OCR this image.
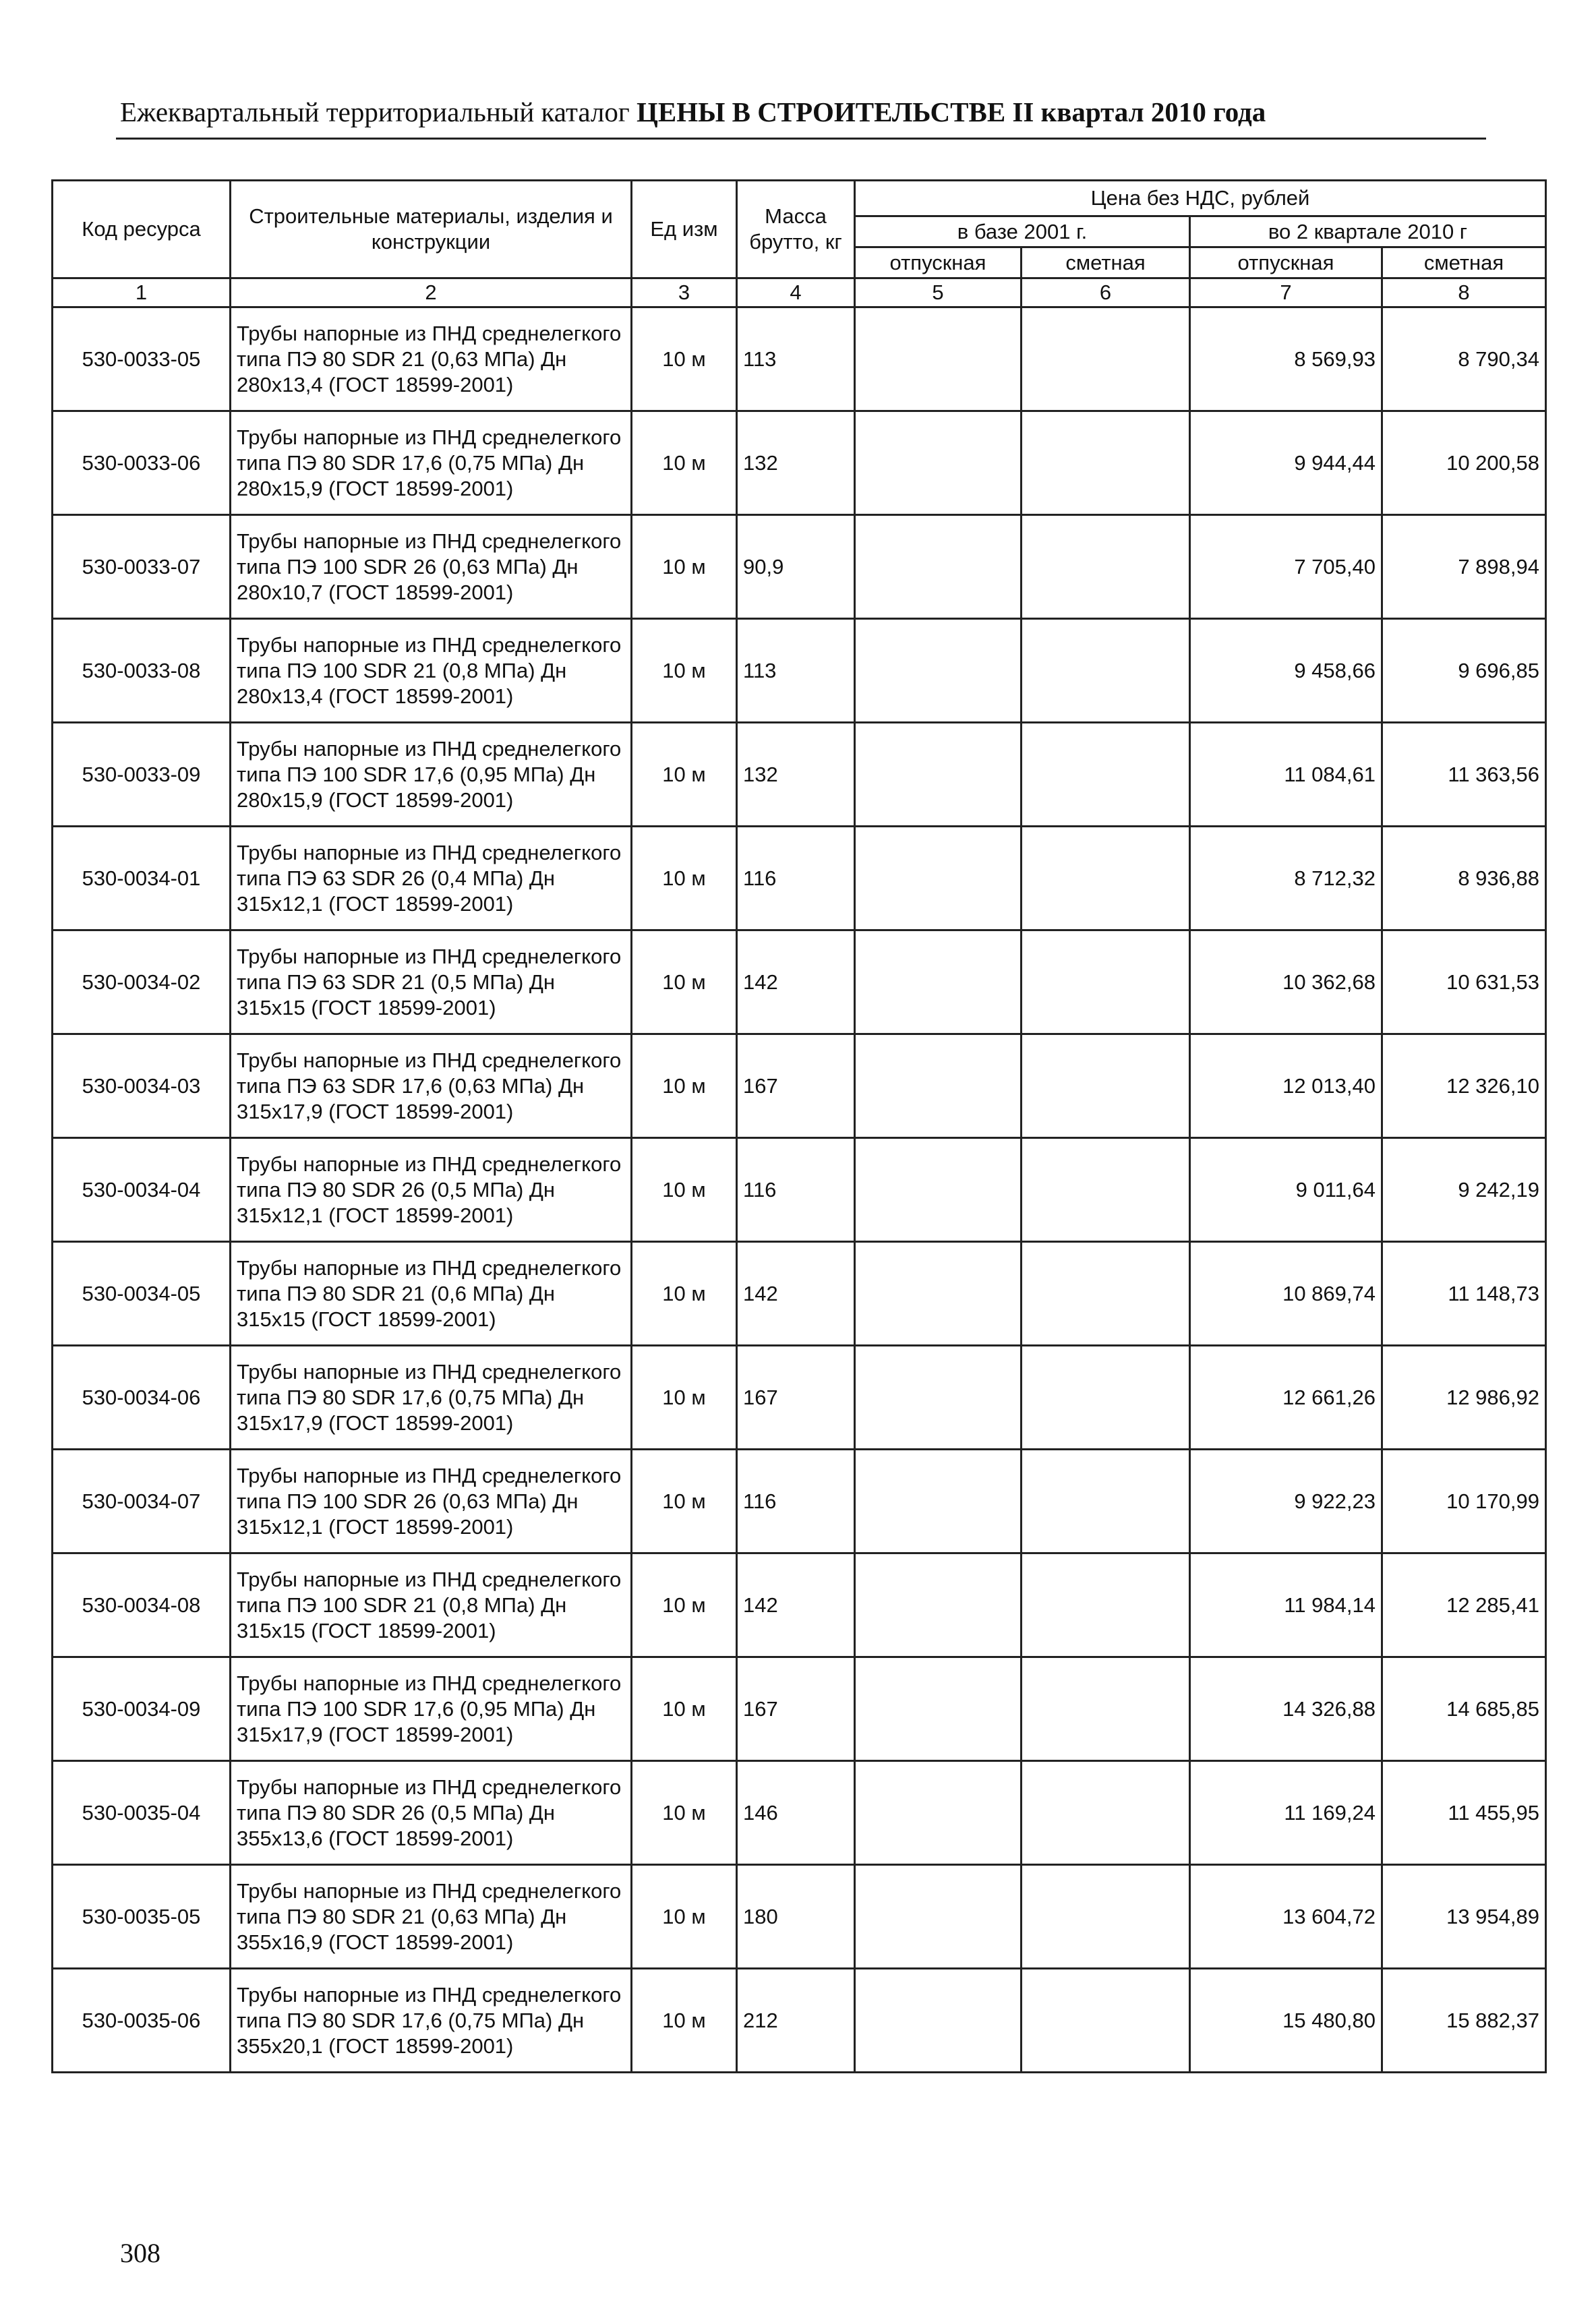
Ежеквартальный территориальный каталог ЦЕНЫ В СТРОИТЕЛЬСТВЕ II квартал 2010 года
Код ресурса	Строительные материалы, изделия и конструкции	Ед изм	Масса брутто, кг	Цена без НДС, рублей			
				в базе 2001 г.		во 2 квартале 2010 г	
				отпускная	сметная	отпускная	сметная
1	2	3	4	5	6	7	8
530-0033-05	Трубы напорные из ПНД среднелегкого типа ПЭ 80 SDR 21 (0,63 МПа) Дн 280х13,4 (ГОСТ 18599-2001)	10 м	113			8 569,93	8 790,34
530-0033-06	Трубы напорные из ПНД среднелегкого типа ПЭ 80 SDR 17,6 (0,75 МПа) Дн 280х15,9 (ГОСТ 18599-2001)	10 м	132			9 944,44	10 200,58
530-0033-07	Трубы напорные из ПНД среднелегкого типа ПЭ 100 SDR 26 (0,63 МПа) Дн 280х10,7 (ГОСТ 18599-2001)	10 м	90,9			7 705,40	7 898,94
530-0033-08	Трубы напорные из ПНД среднелегкого типа ПЭ 100 SDR 21 (0,8 МПа) Дн 280х13,4 (ГОСТ 18599-2001)	10 м	113			9 458,66	9 696,85
530-0033-09	Трубы напорные из ПНД среднелегкого типа ПЭ 100 SDR 17,6 (0,95 МПа) Дн 280х15,9 (ГОСТ 18599-2001)	10 м	132			11 084,61	11 363,56
530-0034-01	Трубы напорные из ПНД среднелегкого типа ПЭ 63 SDR 26 (0,4 МПа) Дн 315х12,1 (ГОСТ 18599-2001)	10 м	116			8 712,32	8 936,88
530-0034-02	Трубы напорные из ПНД среднелегкого типа ПЭ 63 SDR 21 (0,5 МПа) Дн 315х15 (ГОСТ 18599-2001)	10 м	142			10 362,68	10 631,53
530-0034-03	Трубы напорные из ПНД среднелегкого типа ПЭ 63 SDR 17,6 (0,63 МПа) Дн 315х17,9 (ГОСТ 18599-2001)	10 м	167			12 013,40	12 326,10
530-0034-04	Трубы напорные из ПНД среднелегкого типа ПЭ 80 SDR 26 (0,5 МПа) Дн 315х12,1 (ГОСТ 18599-2001)	10 м	116			9 011,64	9 242,19
530-0034-05	Трубы напорные из ПНД среднелегкого типа ПЭ 80 SDR 21 (0,6 МПа) Дн 315х15 (ГОСТ 18599-2001)	10 м	142			10 869,74	11 148,73
530-0034-06	Трубы напорные из ПНД среднелегкого типа ПЭ 80 SDR 17,6 (0,75 МПа) Дн 315х17,9 (ГОСТ 18599-2001)	10 м	167			12 661,26	12 986,92
530-0034-07	Трубы напорные из ПНД среднелегкого типа ПЭ 100 SDR 26 (0,63 МПа) Дн 315х12,1 (ГОСТ 18599-2001)	10 м	116			9 922,23	10 170,99
530-0034-08	Трубы напорные из ПНД среднелегкого типа ПЭ 100 SDR 21 (0,8 МПа) Дн 315х15 (ГОСТ 18599-2001)	10 м	142			11 984,14	12 285,41
530-0034-09	Трубы напорные из ПНД среднелегкого типа ПЭ 100 SDR 17,6 (0,95 МПа) Дн 315х17,9 (ГОСТ 18599-2001)	10 м	167			14 326,88	14 685,85
530-0035-04	Трубы напорные из ПНД среднелегкого типа ПЭ 80 SDR 26 (0,5 МПа) Дн 355х13,6 (ГОСТ 18599-2001)	10 м	146			11 169,24	11 455,95
530-0035-05	Трубы напорные из ПНД среднелегкого типа ПЭ 80 SDR 21 (0,63 МПа) Дн 355х16,9 (ГОСТ 18599-2001)	10 м	180			13 604,72	13 954,89
530-0035-06	Трубы напорные из ПНД среднелегкого типа ПЭ 80 SDR 17,6 (0,75 МПа) Дн 355х20,1 (ГОСТ 18599-2001)	10 м	212			15 480,80	15 882,37
308
